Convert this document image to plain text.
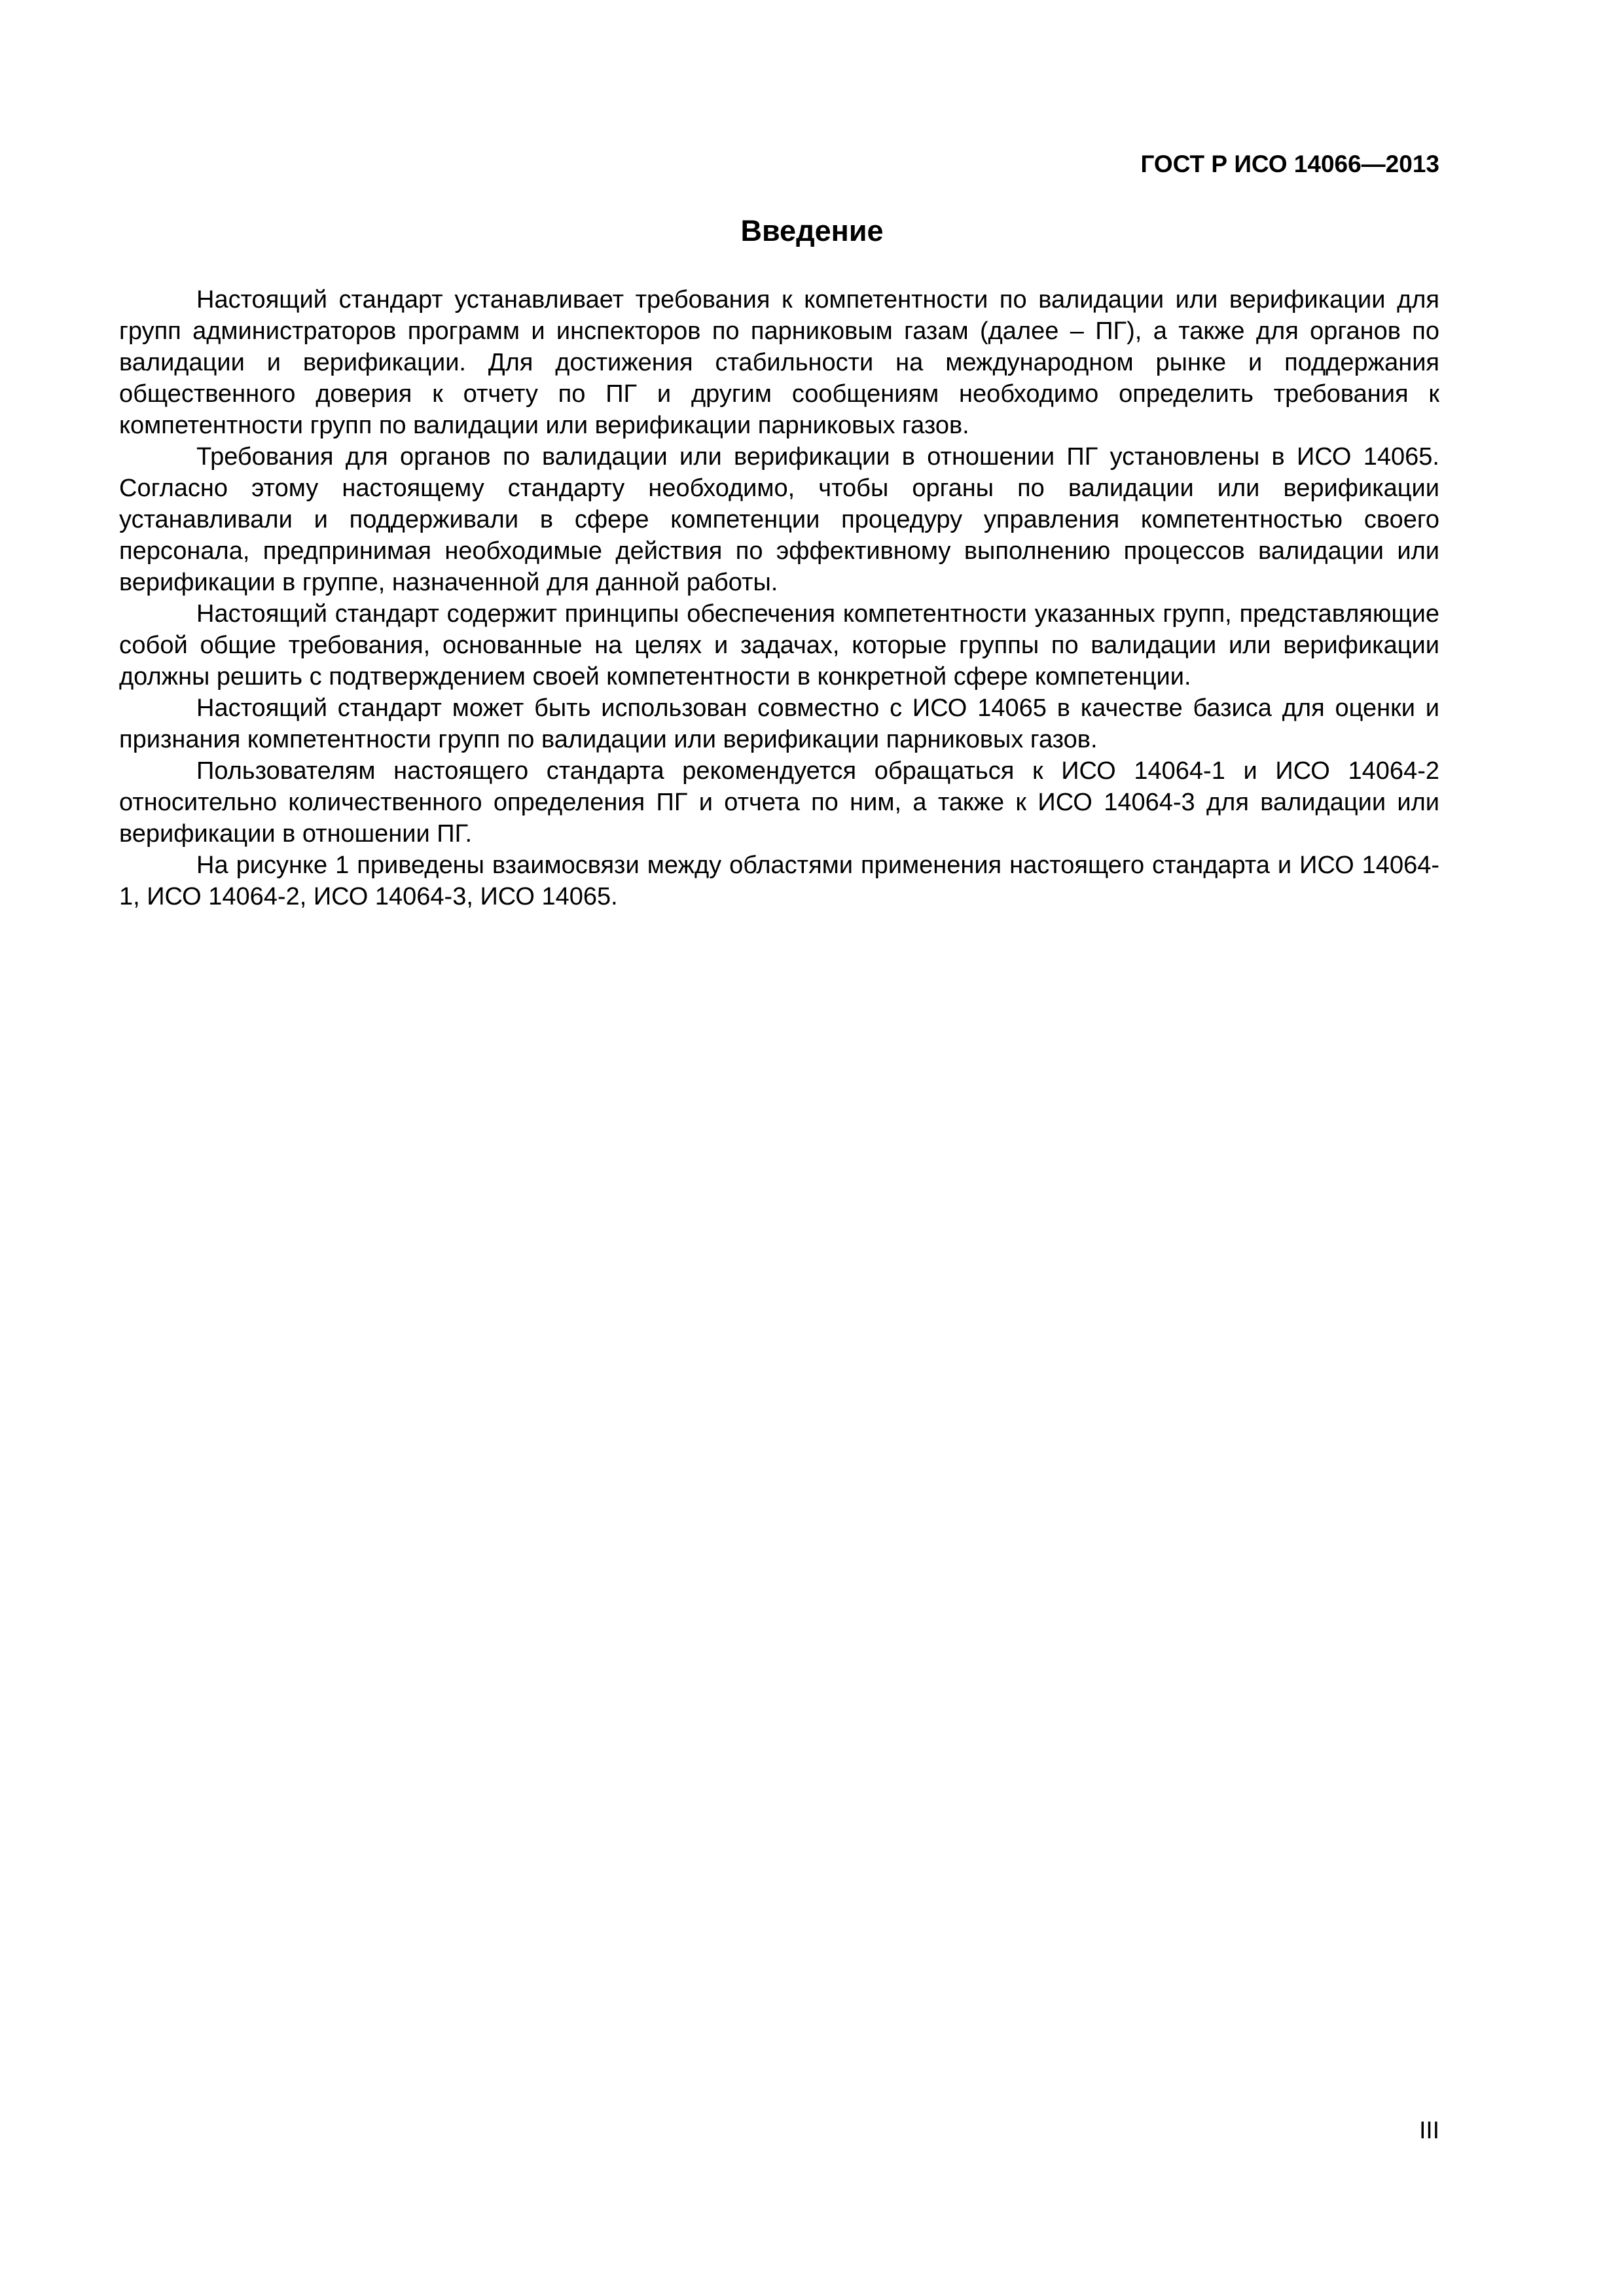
ГОСТ Р ИСО 14066—2013
Введение

Настоящий стандарт устанавливает требования к компетентности по валидации или верификации для групп администраторов программ и инспекторов по парниковым газам (далее – ПГ), а также для органов по валидации и верификации. Для достижения стабильности на международном рынке и поддержания общественного доверия к отчету по ПГ и другим сообщениям необходимо определить требования к компетентности групп по валидации или верификации парниковых газов.

Требования для органов по валидации или верификации в отношении ПГ установлены в ИСО 14065. Согласно этому настоящему стандарту необходимо, чтобы органы по валидации или верификации устанавливали и поддерживали в сфере компетенции процедуру управления компетентностью своего персонала, предпринимая необходимые действия по эффективному выполнению процессов валидации или верификации в группе, назначенной для данной работы.

Настоящий стандарт содержит принципы обеспечения компетентности указанных групп, представляющие собой общие требования, основанные на целях и задачах, которые группы по валидации или верификации должны решить с подтверждением своей компетентности в конкретной сфере компетенции.

Настоящий стандарт может быть использован совместно с ИСО 14065 в качестве базиса для оценки и признания компетентности групп по валидации или верификации парниковых газов.

Пользователям настоящего стандарта рекомендуется обращаться к ИСО 14064-1 и ИСО 14064-2 относительно количественного определения ПГ и отчета по ним, а также к ИСО 14064-3 для валидации или верификации в отношении ПГ.

На рисунке 1 приведены взаимосвязи между областями применения настоящего стандарта и ИСО 14064-1, ИСО 14064-2, ИСО 14064-3, ИСО 14065.

III
